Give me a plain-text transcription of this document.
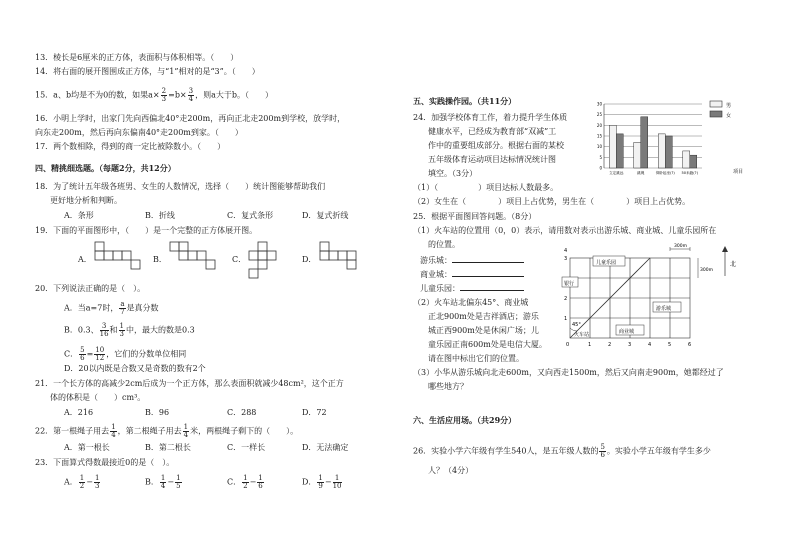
13．棱长是6厘米的正方体，表面积与体积相等。（　　）
14．将右面的展开图围成正方体，与“1”相对的是“3”。（　　）
15．a、b均是不为0的数，如果$a\times \frac{2}{3} =b\times \frac{3}{4}$ ，则a大于b。（　　）
16．小明上学时，出家门先向西偏北40°走200m，再向正北走200m到学校，放学时，
向东走200m，然后再向东偏南40°走200m到家。（　　）
17．两个数相除，得到的商一定比被除数小。（　　）
四、精挑细选题。（每题2分，共12分）
18．为了统计五年级各班男、女生的人数情况，选择（　　）统计图能够帮助我们
更好地分析和判断。
A．条形	B．折线	C．复式条形	D．复式折线
19．下面的平面图形中，（　　）是一个完整的正方体展开图。
A．	B．	C．	D．
20．下列说法正确的是（　）。
A．当a=7时， $\frac{a}{7}$ 是真分数
B．0.3、 $\frac{3}{16}$ 和 $\frac{1}{3}$ 中，最大的数是0.3
C． $\frac{5}{6} = \frac{10}{12}$ ，它们的分数单位相同
D．20以内既是合数又是奇数的数有2个
21．一个长方体的高减少2cm后成为一个正方体，那么表面积就减少48cm²，这个正方
体的体积是（　　）cm³。
A．216	B．96	C．288	D．72
22．第一根绳子用去 $\frac{1}{4}$ ，第二根绳子用去 $\frac{1}{4}$ 米，两根绳子剩下的（　　）。
A．第一根长	B．第二根长	C．一样长	D．无法确定
23．下面算式得数最接近0的是（　）。
A． $\frac{1}{2} - \frac{1}{3}$	B． $\frac{1}{4} - \frac{1}{5}$	C． $\frac{1}{2} - \frac{1}{6}$	D． $\frac{1}{9} - \frac{1}{10}$
五、实践操作园。（共11分）
24．加强学校体育工作，着力提升学生体质
健康水平，已经成为教育部“双减”工
作中的重要组成部分。根据右面的某校
五年级体育运动项目达标情况统计图
填空。（3分）
（1）（　　　　　）项目达标人数最多。
（2）女生在（　　　　）项目上占优势，男生在（　　　　）项目上占优势。
0
5
10
15
20
25
30
立定跳远	跳绳	仰卧起坐(?) 50米跑(?)	项目
男
女
25．根据平面图回答问题。（8分）
（1）火车站的位置用（0，0）表示，请用数对表示出游乐城、商业城、儿童乐园所在
的位置。
游乐城：
商业城：
儿童乐园：
（2）火车站北偏东45°、商业城
正北900m处是吉祥酒店；游乐
城正西900m处是休闲广场；儿
童乐园正南600m处是电信大厦。
请在图中标出它们的位置。
（3）小华从游乐城向北走600m，又向西走1500m，然后又向南走900m，她都经过了
哪些地方？
45°
儿童乐园
银行
游乐城
商业城
火车站
0	1	2	3	4	5	6
1
2
3
4
300m
300m
北
六、生活应用场。（共29分）
26．实验小学六年级有学生540人，是五年级人数的 $\frac{5}{6}$ 。实验小学五年级有学生多少
人？（4分）
